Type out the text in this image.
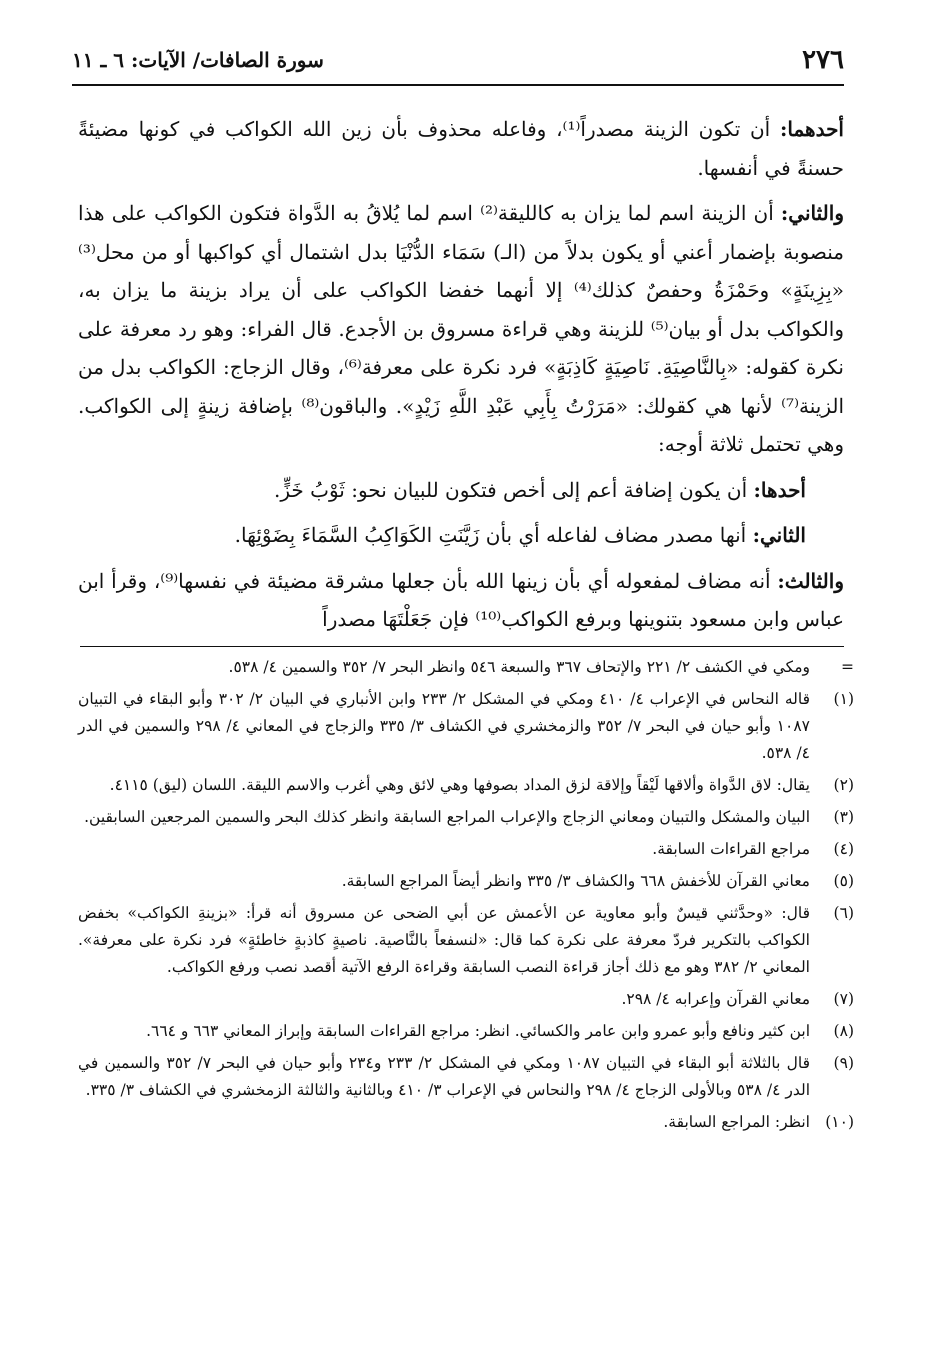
٢٧٦
سورة الصافات/ الآيات: ٦ ـ ١١

أحدهما: أن تكون الزينة مصدراً⁽¹⁾، وفاعله محذوف بأن زين الله الكواكب في كونها مضيئةً حسنةً في أنفسها.

والثاني: أن الزينة اسم لما يزان به كالليقة⁽²⁾ اسم لما يُلاقُ به الدَّواة فتكون الكواكب على هذا منصوبة بإضمار أعني أو يكون بدلاً من (الـ) سَمَاء الدُّنْيَا بدل اشتمال أي كواكبها أو من محل⁽³⁾ «بِزِينَةٍ» وحَمْزَةُ وحفصٌ كذلك⁽⁴⁾ إلا أنهما خفضا الكواكب على أن يراد بزينة ما يزان به، والكواكب بدل أو بيان⁽⁵⁾ للزينة وهي قراءة مسروق بن الأجدع. قال الفراء: وهو رد معرفة على نكرة كقوله: «بِالنَّاصِيَةِ. نَاصِيَةٍ كَاذِبَةٍ» فرد نكرة على معرفة⁽⁶⁾، وقال الزجاج: الكواكب بدل من الزينة⁽⁷⁾ لأنها هي كقولك: «مَرَرْتُ بِأَبِي عَبْدِ اللَّهِ زَيْدٍ». والباقون⁽⁸⁾ بإضافة زينةٍ إلى الكواكب. وهي تحتمل ثلاثة أوجه:

أحدها: أن يكون إضافة أعم إلى أخص فتكون للبيان نحو: ثَوْبُ خَزٍّ.

الثاني: أنها مصدر مضاف لفاعله أي بأن زَيَّنَتِ الكَوَاكِبُ السَّمَاءَ بِضَوْئِهَا.

والثالث: أنه مضاف لمفعوله أي بأن زينها الله بأن جعلها مشرقة مضيئة في نفسها⁽⁹⁾، وقرأ ابن عباس وابن مسعود بتنوينها وبرفع الكواكب⁽¹⁰⁾ فإن جَعَلْتَهَا مصدراً

=
ومكي في الكشف ٢/ ٢٢١ والإتحاف ٣٦٧ والسبعة ٥٤٦ وانظر البحر ٧/ ٣٥٢ والسمين ٤/ ٥٣٨.
(١)
قاله النحاس في الإعراب ٤/ ٤١٠ ومكي في المشكل ٢/ ٢٣٣ وابن الأنباري في البيان ٢/ ٣٠٢ وأبو البقاء في التبيان ١٠٨٧ وأبو حيان في البحر ٧/ ٣٥٢ والزمخشري في الكشاف ٣/ ٣٣٥ والزجاج في المعاني ٤/ ٢٩٨ والسمين في الدر ٤/ ٥٣٨.
(٢)
يقال: لاق الدَّواة وألاقها لَيْقاً وإلاقة لزق المداد بصوفها وهي لائق وهي أغرب والاسم الليقة. اللسان (ليق) ٤١١٥.
(٣)
البيان والمشكل والتبيان ومعاني الزجاج والإعراب المراجع السابقة وانظر كذلك البحر والسمين المرجعين السابقين.
(٤)
مراجع القراءات السابقة.
(٥)
معاني القرآن للأخفش ٦٦٨ والكشاف ٣/ ٣٣٥ وانظر أيضاً المراجع السابقة.
(٦)
قال: «وحدَّثني قيسٌ وأبو معاوية عن الأعمش عن أبي الضحى عن مسروق أنه قرأ: «بزينةِ الكواكب» بخفض الكواكب بالتكرير فردّ معرفة على نكرة كما قال: «لنسفعاً بالنَّاصية. ناصيةٍ كاذبةٍ خاطئةٍ» فرد نكرة على معرفة». المعاني ٢/ ٣٨٢ وهو مع ذلك أجاز قراءة النصب السابقة وقراءة الرفع الآتية أقصد نصب ورفع الكواكب.
(٧)
معاني القرآن وإعرابه ٤/ ٢٩٨.
(٨)
ابن كثير ونافع وأبو عمرو وابن عامر والكسائي. انظر: مراجع القراءات السابقة وإبراز المعاني ٦٦٣ و ٦٦٤.
(٩)
قال بالثلاثة أبو البقاء في التبيان ١٠٨٧ ومكي في المشكل ٢/ ٢٣٣ و٢٣٤ وأبو حيان في البحر ٧/ ٣٥٢ والسمين في الدر ٤/ ٥٣٨ وبالأولى الزجاج ٤/ ٢٩٨ والنحاس في الإعراب ٣/ ٤١٠ وبالثانية والثالثة الزمخشري في الكشاف ٣/ ٣٣٥.
(١٠)
انظر: المراجع السابقة.
